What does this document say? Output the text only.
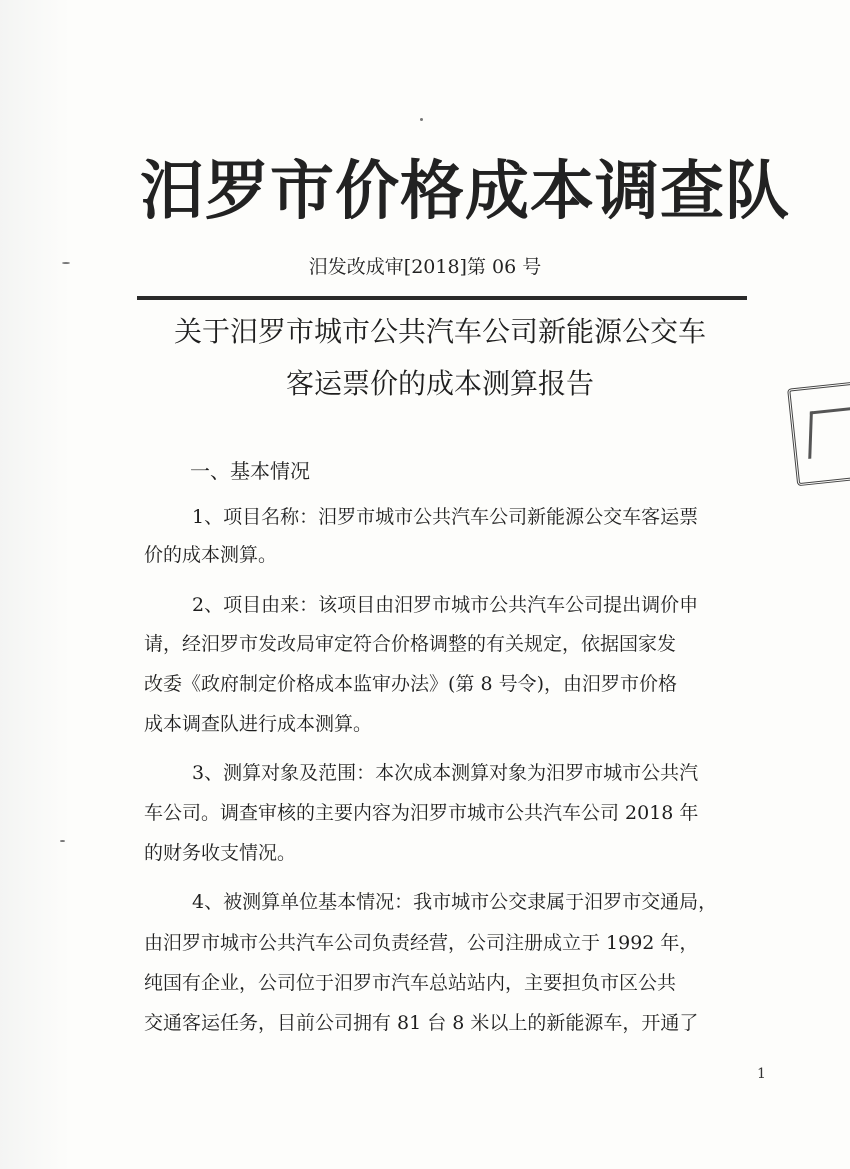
汨罗市价格成本调查队
汨发改成审[2018]第 06 号
关于汨罗市城市公共汽车公司新能源公交车
客运票价的成本测算报告
一、基本情况
1、项目名称：汨罗市城市公共汽车公司新能源公交车客运票
价的成本测算。
2、项目由来：该项目由汨罗市城市公共汽车公司提出调价申
请，经汨罗市发改局审定符合价格调整的有关规定，依据国家发
改委《政府制定价格成本监审办法》(第 8 号令)，由汨罗市价格
成本调查队进行成本测算。
3、测算对象及范围：本次成本测算对象为汨罗市城市公共汽
车公司。调查审核的主要内容为汨罗市城市公共汽车公司 2018 年
的财务收支情况。
4、被测算单位基本情况：我市城市公交隶属于汨罗市交通局，
由汨罗市城市公共汽车公司负责经营，公司注册成立于 1992 年，
纯国有企业，公司位于汨罗市汽车总站站内，主要担负市区公共
交通客运任务，目前公司拥有 81 台 8 米以上的新能源车，开通了
1
